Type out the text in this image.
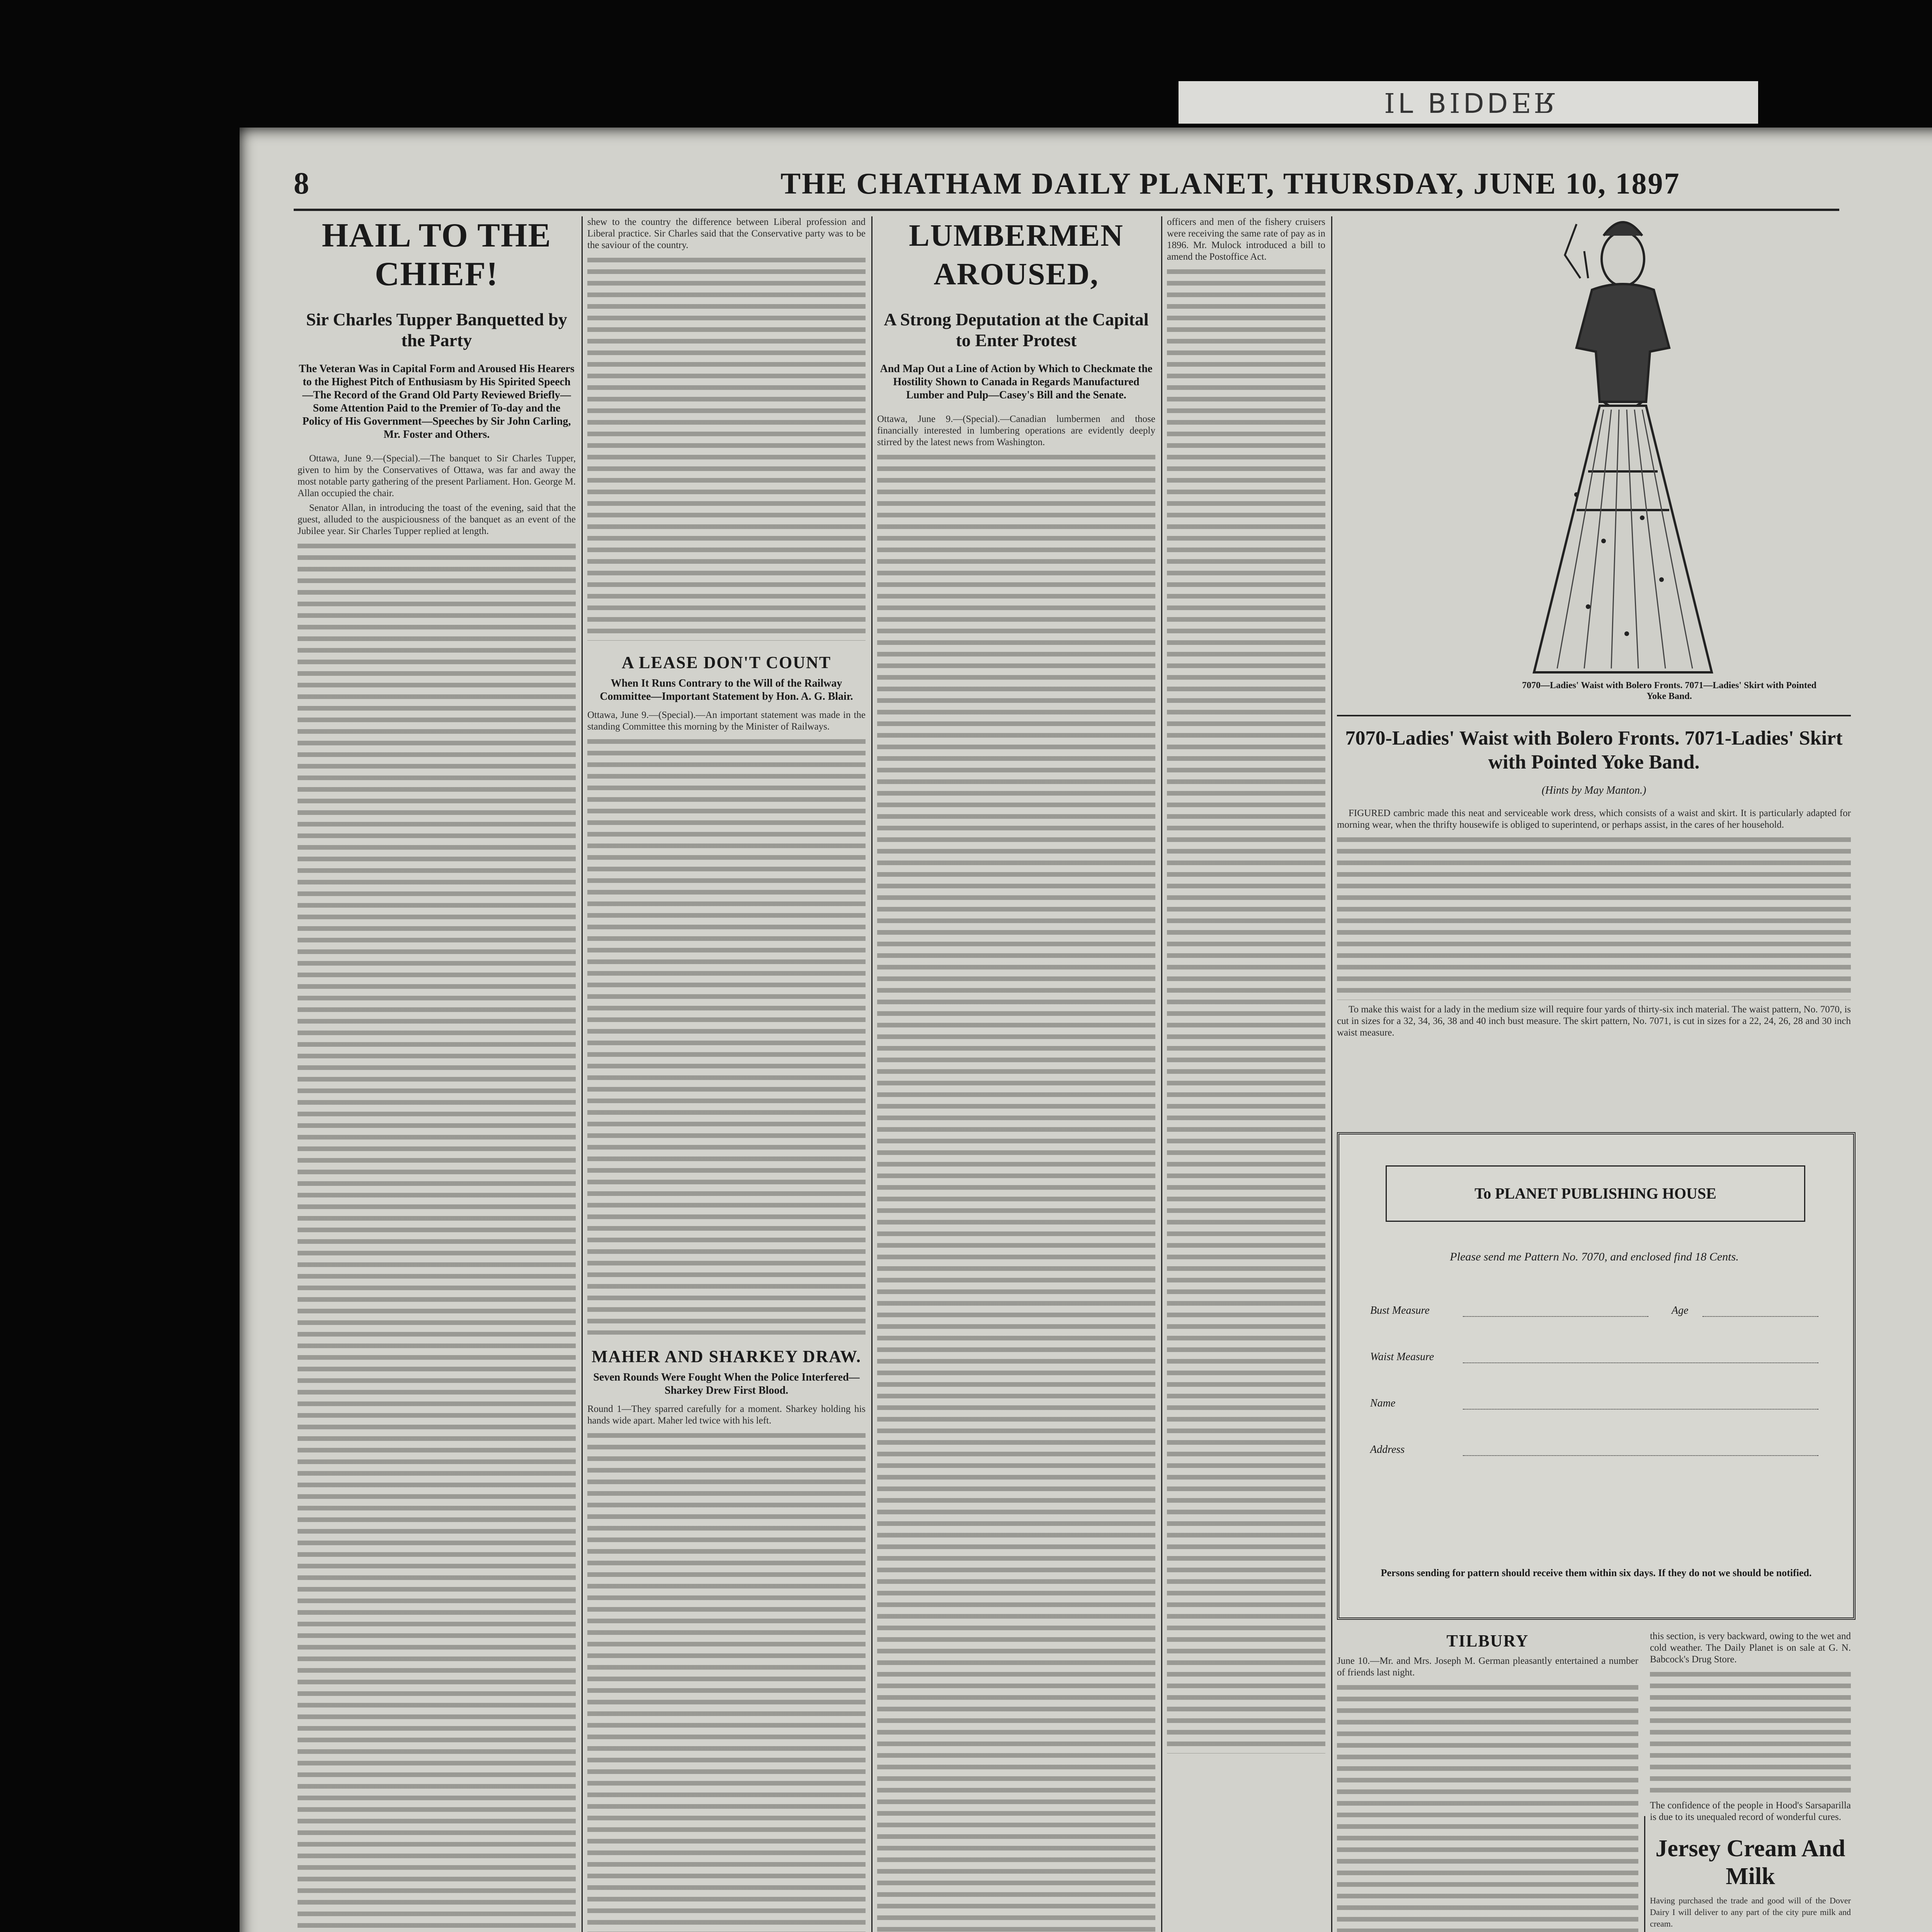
ЯƎᗡᗡIꓭ ꓶI
8	THE CHATHAM DAILY PLANET, THURSDAY, JUNE 10, 1897
HAIL TO THE CHIEF!
Sir Charles Tupper Banquetted by the Party
The Veteran Was in Capital Form and Aroused His Hearers to the Highest Pitch of Enthusiasm by His Spirited Speech—The Record of the Grand Old Party Reviewed Briefly—Some Attention Paid to the Premier of To-day and the Policy of His Government—Speeches by Sir John Carling, Mr. Foster and Others.

Ottawa, June 9.—(Special).—The banquet to Sir Charles Tupper, given to him by the Conservatives of Ottawa, was far and away the most notable party gathering of the present Parliament. Hon. George M. Allan occupied the chair.

Senator Allan, in introducing the toast of the evening, said that the guest, alluded to the auspiciousness of the banquet as an event of the Jubilee year. Sir Charles Tupper replied at length.

shew to the country the difference between Liberal profession and Liberal practice. Sir Charles said that the Conservative party was to be the saviour of the country.
A LEASE DON'T COUNT
When It Runs Contrary to the Will of the Railway Committee—Important Statement by Hon. A. G. Blair.
Ottawa, June 9.—(Special).—An important statement was made in the standing Committee this morning by the Minister of Railways.
MAHER AND SHARKEY DRAW.
Seven Rounds Were Fought When the Police Interfered—Sharkey Drew First Blood.
Round 1—They sparred carefully for a moment. Sharkey holding his hands wide apart. Maher led twice with his left.
LUMBERMEN AROUSED,
A Strong Deputation at the Capital to Enter Protest
And Map Out a Line of Action by Which to Checkmate the Hostility Shown to Canada in Regards Manufactured Lumber and Pulp—Casey's Bill and the Senate.
Ottawa, June 9.—(Special).—Canadian lumbermen and those financially interested in lumbering operations are evidently deeply stirred by the latest news from Washington.
officers and men of the fishery cruisers were receiving the same rate of pay as in 1896. Mr. Mulock introduced a bill to amend the Postoffice Act.
7070—Ladies' Waist with Bolero Fronts. 7071—Ladies' Skirt with Pointed Yoke Band.
7070-Ladies' Waist with Bolero Fronts. 7071-Ladies' Skirt with Pointed Yoke Band.
(Hints by May Manton.)

FIGURED cambric made this neat and serviceable work dress, which consists of a waist and skirt. It is particularly adapted for morning wear, when the thrifty housewife is obliged to superintend, or perhaps assist, in the cares of her household.

To make this waist for a lady in the medium size will require four yards of thirty-six inch material. The waist pattern, No. 7070, is cut in sizes for a 32, 34, 36, 38 and 40 inch bust measure. The skirt pattern, No. 7071, is cut in sizes for a 22, 24, 26, 28 and 30 inch waist measure.

To PLANET PUBLISHING HOUSE
Please send me Pattern No. 7070, and enclosed find 18 Cents.
Bust Measure	Age
Waist Measure
Name
Address
Persons sending for pattern should receive them within six days. If they do not we should be notified.
TILBURY
June 10.—Mr. and Mrs. Joseph M. German pleasantly entertained a number of friends last night.
this section, is very backward, owing to the wet and cold weather. The Daily Planet is on sale at G. N. Babcock's Drug Store.
The confidence of the people in Hood's Sarsaparilla is due to its unequaled record of wonderful cures.
Jersey Cream And Milk
Having purchased the trade and good will of the Dover Dairy I will deliver to any part of the city pure milk and cream.
